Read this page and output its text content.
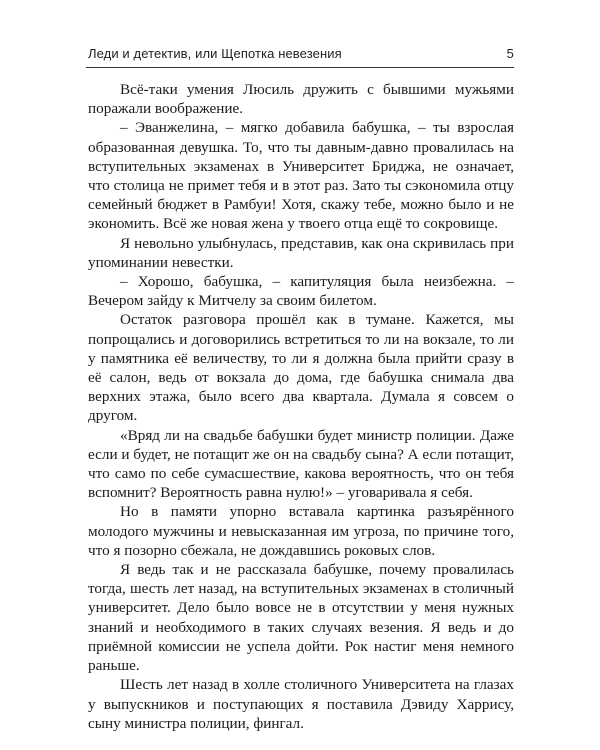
Леди и детектив, или Щепотка невезения	5

Всё-таки умения Люсиль дружить с бывшими мужьями поражали воображение.

– Эванжелина, – мягко добавила бабушка, – ты взрослая образованная девушка. То, что ты давным-давно провалилась на вступительных экзаменах в Университет Бриджа, не означает, что столица не примет тебя и в этот раз. Зато ты сэкономила отцу семейный бюджет в Рамбуи! Хотя, скажу тебе, можно было и не экономить. Всё же новая жена у твоего отца ещё то сокровище.

Я невольно улыбнулась, представив, как она скривилась при упоминании невестки.

– Хорошо, бабушка, – капитуляция была неизбежна. – Вечером зайду к Митчелу за своим билетом.

Остаток разговора прошёл как в тумане. Кажется, мы попрощались и договорились встретиться то ли на вокзале, то ли у памятника её величеству, то ли я должна была прийти сразу в её салон, ведь от вокзала до дома, где бабушка снимала два верхних этажа, было всего два квартала. Думала я совсем о другом.

«Вряд ли на свадьбе бабушки будет министр полиции. Даже если и будет, не потащит же он на свадьбу сына? А если потащит, что само по себе сумасшествие, какова вероятность, что он тебя вспомнит? Вероятность равна нулю!» – уговаривала я себя.

Но в памяти упорно вставала картинка разъярённого молодого мужчины и невысказанная им угроза, по причине того, что я позорно сбежала, не дождавшись роковых слов.

Я ведь так и не рассказала бабушке, почему провалилась тогда, шесть лет назад, на вступительных экзаменах в столичный университет. Дело было вовсе не в отсутствии у меня нужных знаний и необходимого в таких случаях везения. Я ведь и до приёмной комиссии не успела дойти. Рок настиг меня немного раньше.

Шесть лет назад в холле столичного Университета на глазах у выпускников и поступающих я поставила Дэвиду Харрису, сыну министра полиции, фингал.
